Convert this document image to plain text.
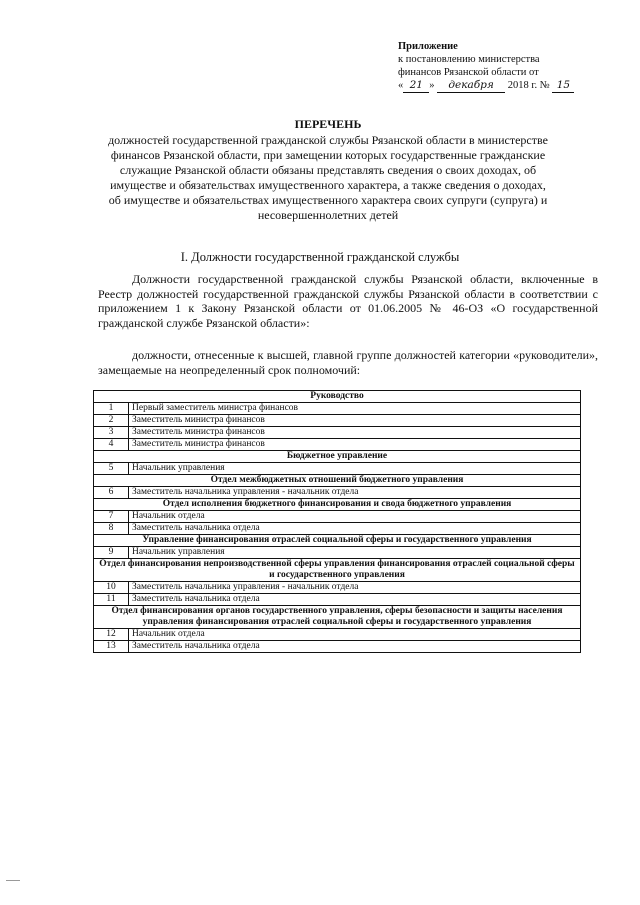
Приложение
к постановлению министерства
финансов Рязанской области от
« 21 » декабря 2018 г. № 15
ПЕРЕЧЕНЬ
должностей государственной гражданской службы Рязанской области в министерстве финансов Рязанской области, при замещении которых государственные гражданские служащие Рязанской области обязаны представлять сведения о своих доходах, об имуществе и обязательствах имущественного характера, а также сведения о доходах, об имуществе и обязательствах имущественного характера своих супруги (супруга) и несовершеннолетних детей
I. Должности государственной гражданской службы
Должности государственной гражданской службы Рязанской области, включенные в Реестр должностей государственной гражданской службы Рязанской области в соответствии с приложением 1 к Закону Рязанской области от 01.06.2005 № 46-ОЗ «О государственной гражданской службе Рязанской области»:
должности, отнесенные к высшей, главной группе должностей категории «руководители», замещаемые на неопределенный срок полномочий:
Руководство	
1	Первый заместитель министра финансов
2	Заместитель министра финансов
3	Заместитель министра финансов
4	Заместитель министра финансов
Бюджетное управление	
5	Начальник управления
Отдел межбюджетных отношений бюджетного управления	
6	Заместитель начальника управления - начальник отдела
Отдел исполнения бюджетного финансирования и свода бюджетного управления	
7	Начальник отдела
8	Заместитель начальника отдела
Управление финансирования отраслей социальной сферы и государственного управления	
9	Начальник управления
Отдел финансирования непроизводственной сферы управления финансирования отраслей социальной сферы и государственного управления	
10	Заместитель начальника управления - начальник отдела
11	Заместитель начальника отдела
Отдел финансирования органов государственного управления, сферы безопасности и защиты населения управления финансирования отраслей социальной сферы и государственного управления	
12	Начальник отдела
13	Заместитель начальника отдела
